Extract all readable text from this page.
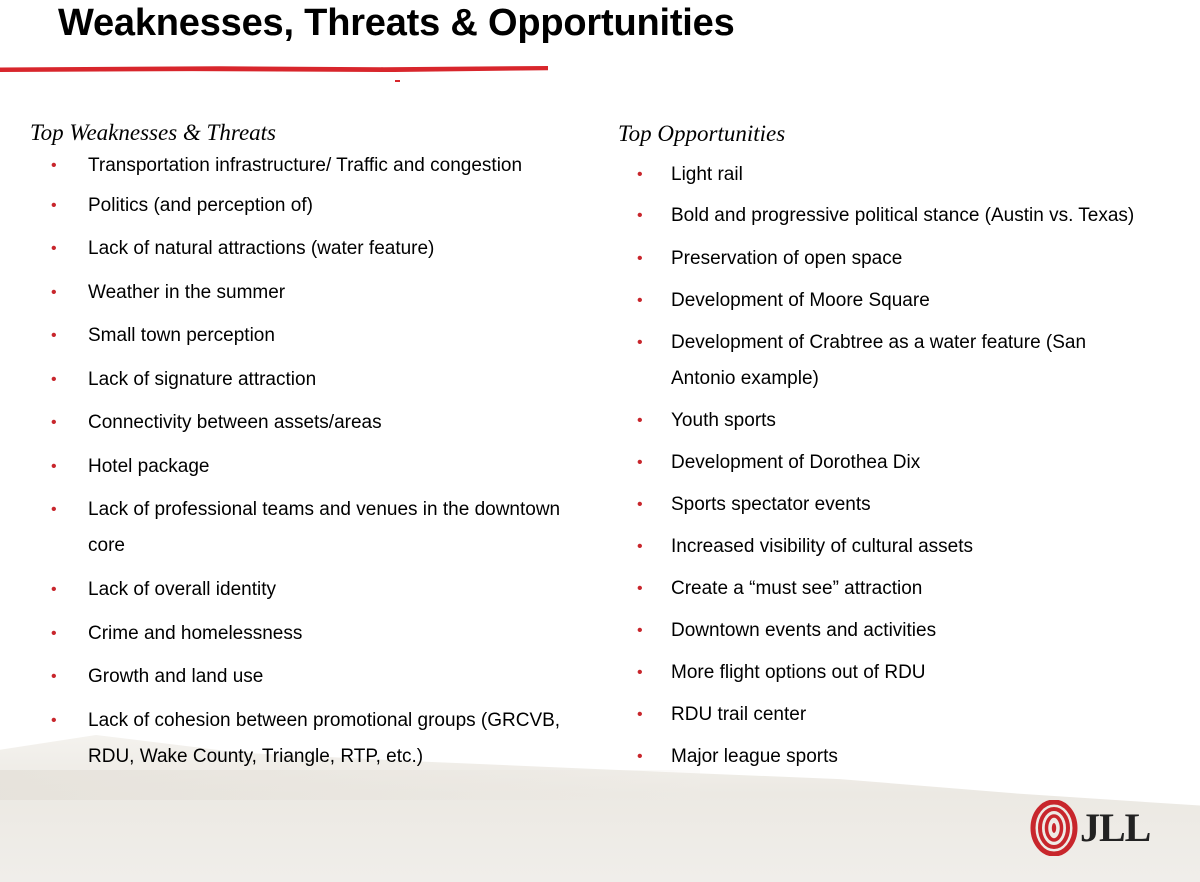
Weaknesses, Threats & Opportunities
Top Weaknesses & Threats
• Transportation infrastructure/ Traffic and congestion
• Politics (and perception of)
• Lack of natural attractions (water feature)
• Weather in the summer
• Small town perception
• Lack of signature attraction
• Connectivity between assets/areas
• Hotel package
• Lack of professional teams and venues in the downtown core
• Lack of overall identity
• Crime and homelessness
• Growth and land use
• Lack of cohesion between promotional groups (GRCVB, RDU, Wake County, Triangle, RTP, etc.)
Top Opportunities
• Light rail
• Bold and progressive political stance (Austin vs. Texas)
• Preservation of open space
• Development of Moore Square
• Development of Crabtree as a water feature (San Antonio example)
• Youth sports
• Development of Dorothea Dix
• Sports spectator events
• Increased visibility of cultural assets
• Create a “must see” attraction
• Downtown events and activities
• More flight options out of RDU
• RDU trail center
• Major league sports
JLL
